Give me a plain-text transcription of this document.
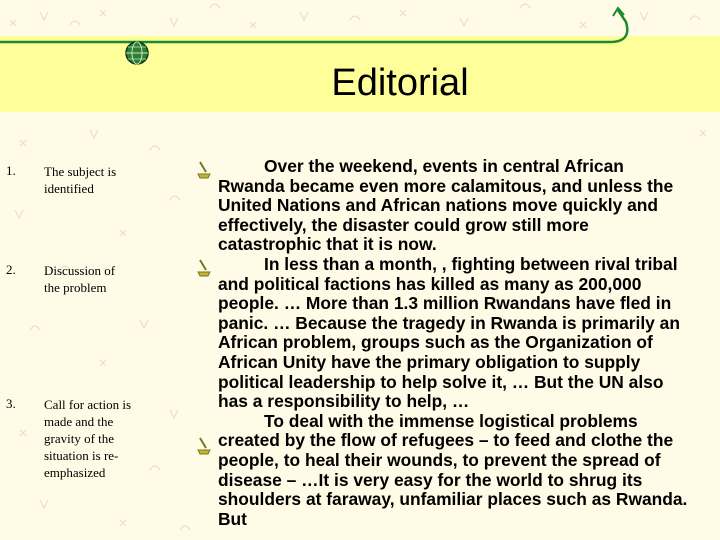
Editorial
1.	The subject is identified
2.	Discussion of the problem
3.	Call for action is made and the gravity of the situation is re-emphasized

Over the weekend, events in central African Rwanda became even more calamitous, and unless the United Nations and African nations move quickly and effectively, the disaster could grow still more catastrophic that it is now.

In less than a month, , fighting between rival tribal and political factions has killed as many as 200,000 people. … More than 1.3 million Rwandans have fled in panic. … Because the tragedy in Rwanda is primarily an African problem, groups such as the Organization of African Unity have the primary obligation to supply political leadership to help solve it, … But the UN also has a responsibility to help, …

To deal with the immense logistical problems created by the flow of refugees – to feed and clothe the people, to heal their wounds, to prevent the spread of disease – …It is very easy for the world to shrug its shoulders at faraway, unfamiliar places such as Rwanda. But
